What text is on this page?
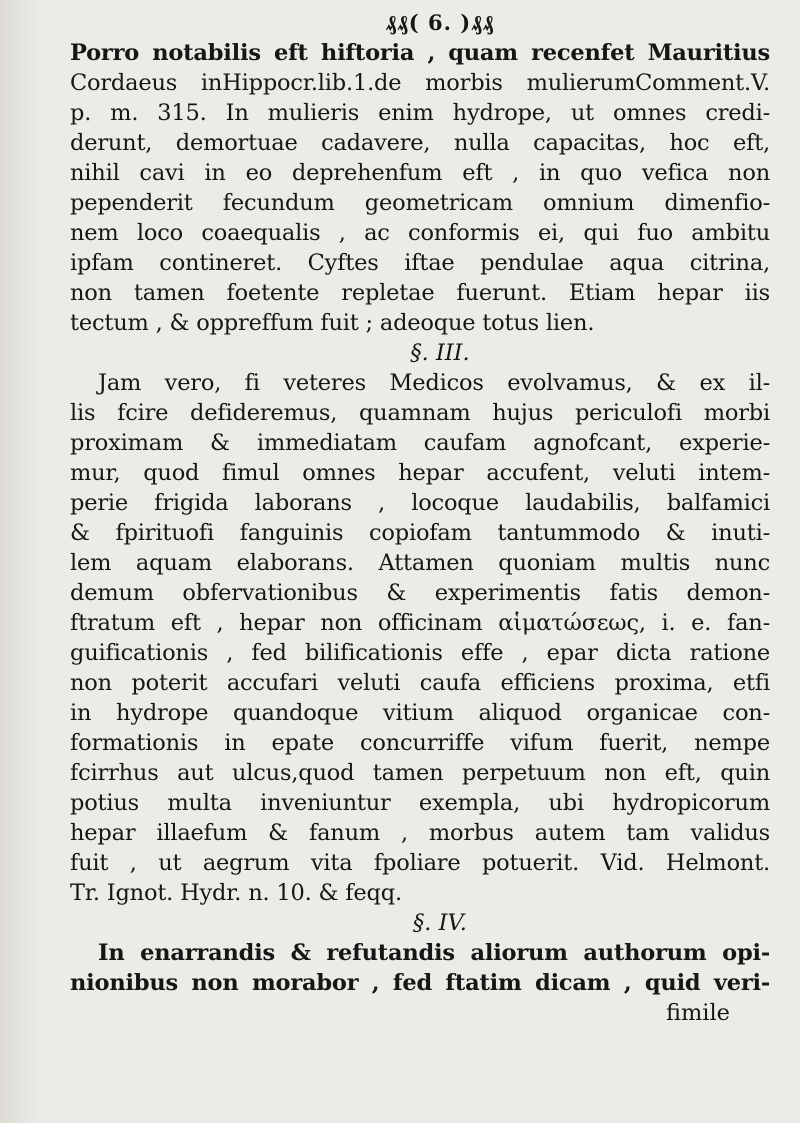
₰₰( 6. )₰₰
Porro notabilis eft hiftoria , quam recenfet Mauritius
Cordaeus inHippocr.lib.1.de morbis mulierumComment.V.
p. m. 315. In mulieris enim hydrope, ut omnes credi-
derunt, demortuae cadavere, nulla capacitas, hoc eft,
nihil cavi in eo deprehenfum eft , in quo vefica non
pependerit fecundum geometricam omnium dimenfio-
nem loco coaequalis , ac conformis ei, qui fuo ambitu
ipfam contineret. Cyftes iftae pendulae aqua citrina,
non tamen foetente repletae fuerunt. Etiam hepar iis
tectum , & oppreffum fuit ; adeoque totus lien.
§. III.
Jam vero, fi veteres Medicos evolvamus, & ex il-
lis fcire defideremus, quamnam hujus periculofi morbi
proximam & immediatam caufam agnofcant, experie-
mur, quod fimul omnes hepar accufent, veluti intem-
perie frigida laborans , locoque laudabilis, balfamici
& fpirituofi fanguinis copiofam tantummodo & inuti-
lem aquam elaborans. Attamen quoniam multis nunc
demum obfervationibus & experimentis fatis demon-
ftratum eft , hepar non officinam αἱματώσεως, i. e. fan-
guificationis , fed bilificationis effe , epar dicta ratione
non poterit accufari veluti caufa efficiens proxima, etfi
in hydrope quandoque vitium aliquod organicae con-
formationis in epate concurriffe vifum fuerit, nempe
fcirrhus aut ulcus,quod tamen perpetuum non eft, quin
potius multa inveniuntur exempla, ubi hydropicorum
hepar illaefum & fanum , morbus autem tam validus
fuit , ut aegrum vita fpoliare potuerit. Vid. Helmont.
Tr. Ignot. Hydr. n. 10. & feqq.
§. IV.
In enarrandis & refutandis aliorum authorum opi-
nionibus non morabor , fed ftatim dicam , quid veri-
fimile
